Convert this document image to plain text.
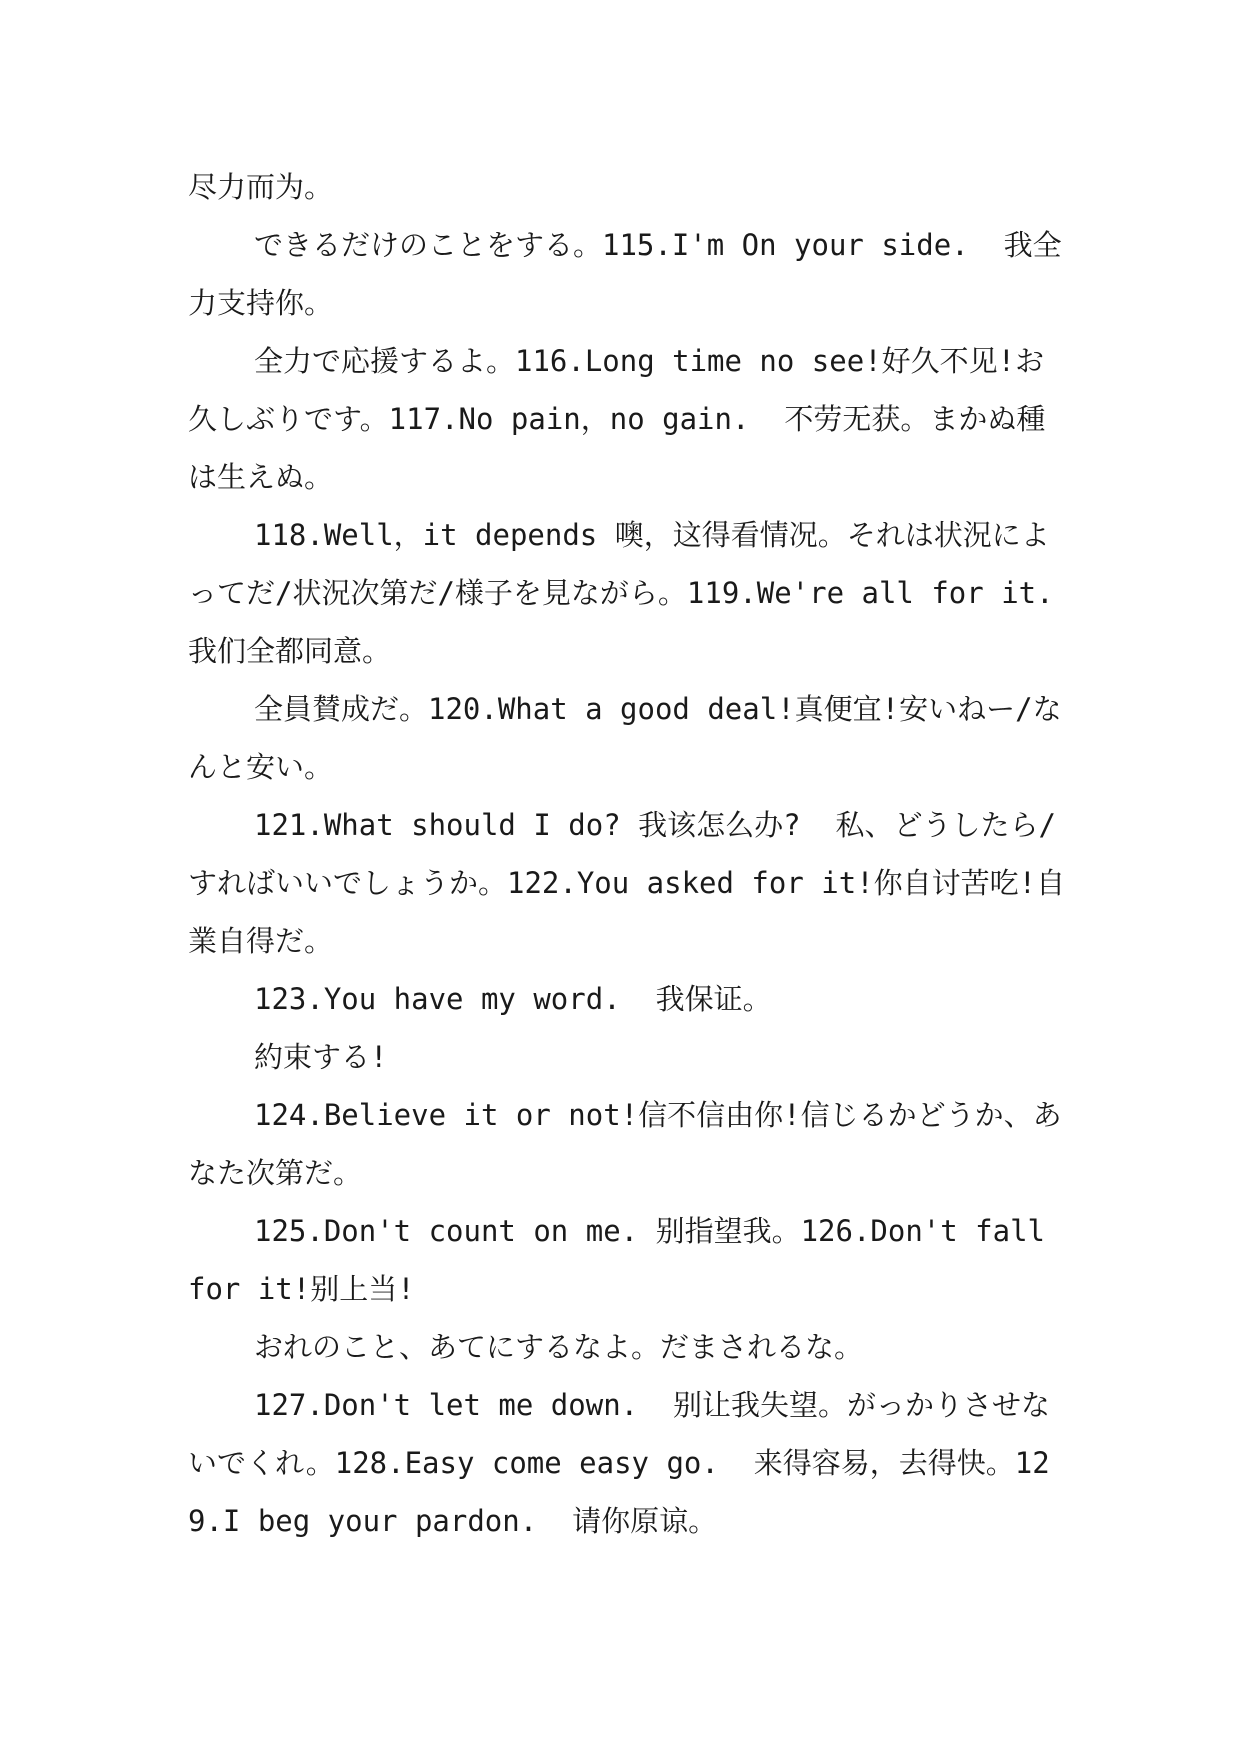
尽力而为。

できるだけのことをする。115.I'm On your side.  我全力支持你。

全力で応援するよ。116.Long time no see!好久不见!お久しぶりです。117.No pain，no gain.  不劳无获。まかぬ種は生えぬ。

118.Well，it depends 噢，这得看情况。それは状況によってだ/状況次第だ/様子を見ながら。119.We're all for it.  我们全都同意。

全員賛成だ。120.What a good deal!真便宜!安いねー/なんと安い。

121.What should I do? 我该怎么办?  私、どうしたら/すればいいでしょうか。122.You asked for it!你自讨苦吃!自業自得だ。

123.You have my word.  我保证。

約束する!

124.Believe it or not!信不信由你!信じるかどうか、あなた次第だ。

125.Don't count on me. 别指望我。126.Don't fall for it!别上当!

おれのこと、あてにするなよ。だまされるな。

127.Don't let me down.  别让我失望。がっかりさせないでくれ。128.Easy come easy go.  来得容易，去得快。129.I beg your pardon.  请你原谅。
